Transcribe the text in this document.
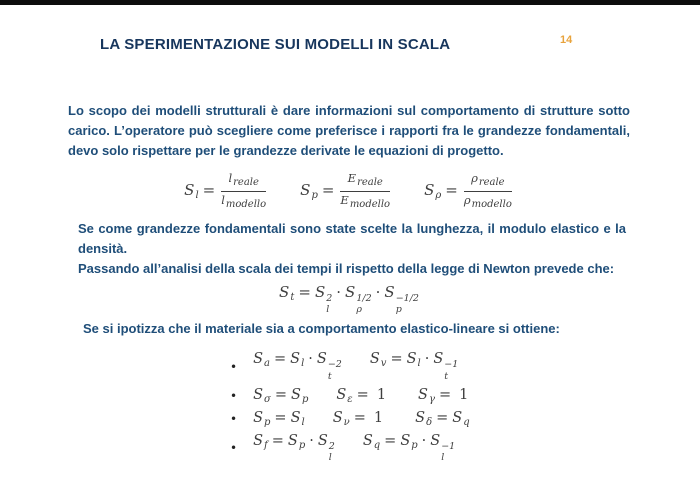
LA SPERIMENTAZIONE SUI MODELLI IN SCALA	14

Lo scopo dei modelli strutturali è dare informazioni sul comportamento di strutture sotto carico. L’operatore può scegliere come preferisce i rapporti fra le grandezze fondamentali, devo solo rispettare per le grandezze derivate le equazioni di progetto.

$S_l = \frac{\text{lreale}}{\text{lmodello}} S_p = \frac{\text{Ereale}}{\text{Emodello}} S_\rho = \frac{\text{ρreale}}{\text{ρmodello}}$

Se come grandezze fondamentali sono state scelte la lunghezza, il modulo elastico e la densità.

Passando all’analisi della scala dei tempi il rispetto della legge di Newton prevede che:

$S_t = S$ 2
l
· S 1/2
ρ
· S −1/2
p

Se si ipotizza che il materiale sia a comportamento elastico-lineare si ottiene:

• $S_a = S_l \cdot S -2$
t
$S_v = S_l \cdot S -1$
t
• $S_\sigma = S_p$ $S_\varepsilon = 1$ $S_\gamma = 1$
• $S_p = S_l$ $S_\nu = 1$ $S_\delta = S_q$
• $S_f = S_p \cdot S$ 2
l
$S_q = S_p \cdot S -1$
l
